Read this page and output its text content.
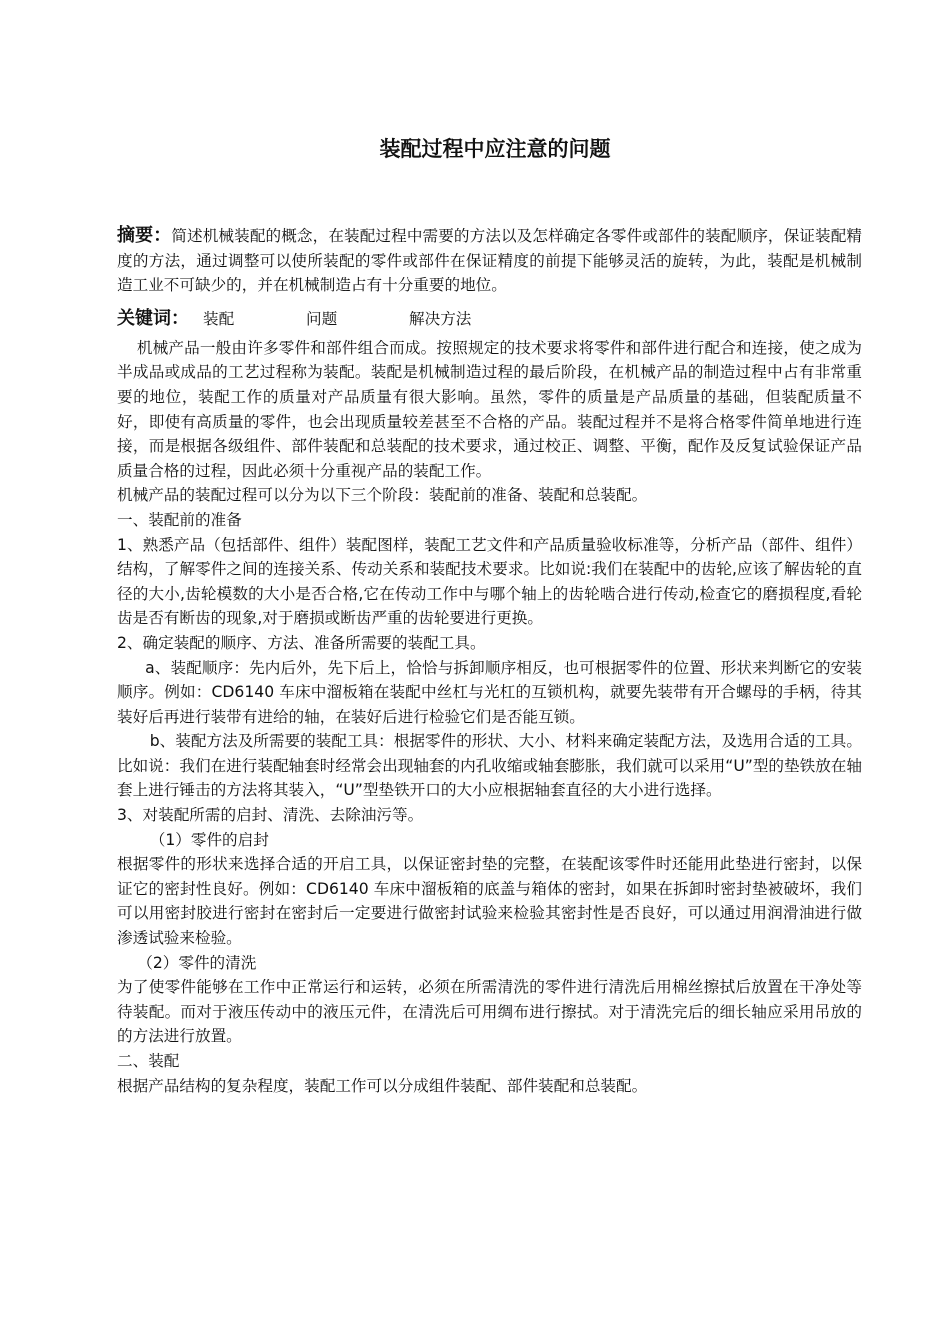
装配过程中应注意的问题

摘要：简述机械装配的概念，在装配过程中需要的方法以及怎样确定各零件或部件的装配顺序，保证装配精度的方法，通过调整可以使所装配的零件或部件在保证精度的前提下能够灵活的旋转，为此，装配是机械制造工业不可缺少的，并在机械制造占有十分重要的地位。

关键词： 装配	问题	解决方法

机械产品一般由许多零件和部件组合而成。按照规定的技术要求将零件和部件进行配合和连接，使之成为半成品或成品的工艺过程称为装配。装配是机械制造过程的最后阶段，在机械产品的制造过程中占有非常重要的地位，装配工作的质量对产品质量有很大影响。虽然，零件的质量是产品质量的基础，但装配质量不好，即使有高质量的零件，也会出现质量较差甚至不合格的产品。装配过程并不是将合格零件简单地进行连接，而是根据各级组件、部件装配和总装配的技术要求，通过校正、调整、平衡，配作及反复试验保证产品质量合格的过程，因此必须十分重视产品的装配工作。

机械产品的装配过程可以分为以下三个阶段：装配前的准备、装配和总装配。

一、装配前的准备

1、熟悉产品（包括部件、组件）装配图样，装配工艺文件和产品质量验收标准等，分析产品（部件、组件）结构，了解零件之间的连接关系、传动关系和装配技术要求。比如说:我们在装配中的齿轮,应该了解齿轮的直径的大小,齿轮模数的大小是否合格,它在传动工作中与哪个轴上的齿轮啮合进行传动,检查它的磨损程度,看轮齿是否有断齿的现象,对于磨损或断齿严重的齿轮要进行更换。

2、确定装配的顺序、方法、准备所需要的装配工具。

a、装配顺序：先内后外，先下后上，恰恰与拆卸顺序相反，也可根据零件的位置、形状来判断它的安装顺序。例如：CD6140 车床中溜板箱在装配中丝杠与光杠的互锁机构，就要先装带有开合螺母的手柄，待其装好后再进行装带有进给的轴，在装好后进行检验它们是否能互锁。

b、装配方法及所需要的装配工具：根据零件的形状、大小、材料来确定装配方法，及选用合适的工具。比如说：我们在进行装配轴套时经常会出现轴套的内孔收缩或轴套膨胀，我们就可以采用“U”型的垫铁放在轴套上进行锤击的方法将其装入，“U”型垫铁开口的大小应根据轴套直径的大小进行选择。

3、对装配所需的启封、清洗、去除油污等。

（1）零件的启封

根据零件的形状来选择合适的开启工具，以保证密封垫的完整，在装配该零件时还能用此垫进行密封，以保证它的密封性良好。例如：CD6140 车床中溜板箱的底盖与箱体的密封，如果在拆卸时密封垫被破坏，我们可以用密封胶进行密封在密封后一定要进行做密封试验来检验其密封性是否良好，可以通过用润滑油进行做渗透试验来检验。

（2）零件的清洗

为了使零件能够在工作中正常运行和运转，必须在所需清洗的零件进行清洗后用棉丝擦拭后放置在干净处等待装配。而对于液压传动中的液压元件，在清洗后可用绸布进行擦拭。对于清洗完后的细长轴应采用吊放的的方法进行放置。

二、装配

根据产品结构的复杂程度，装配工作可以分成组件装配、部件装配和总装配。
